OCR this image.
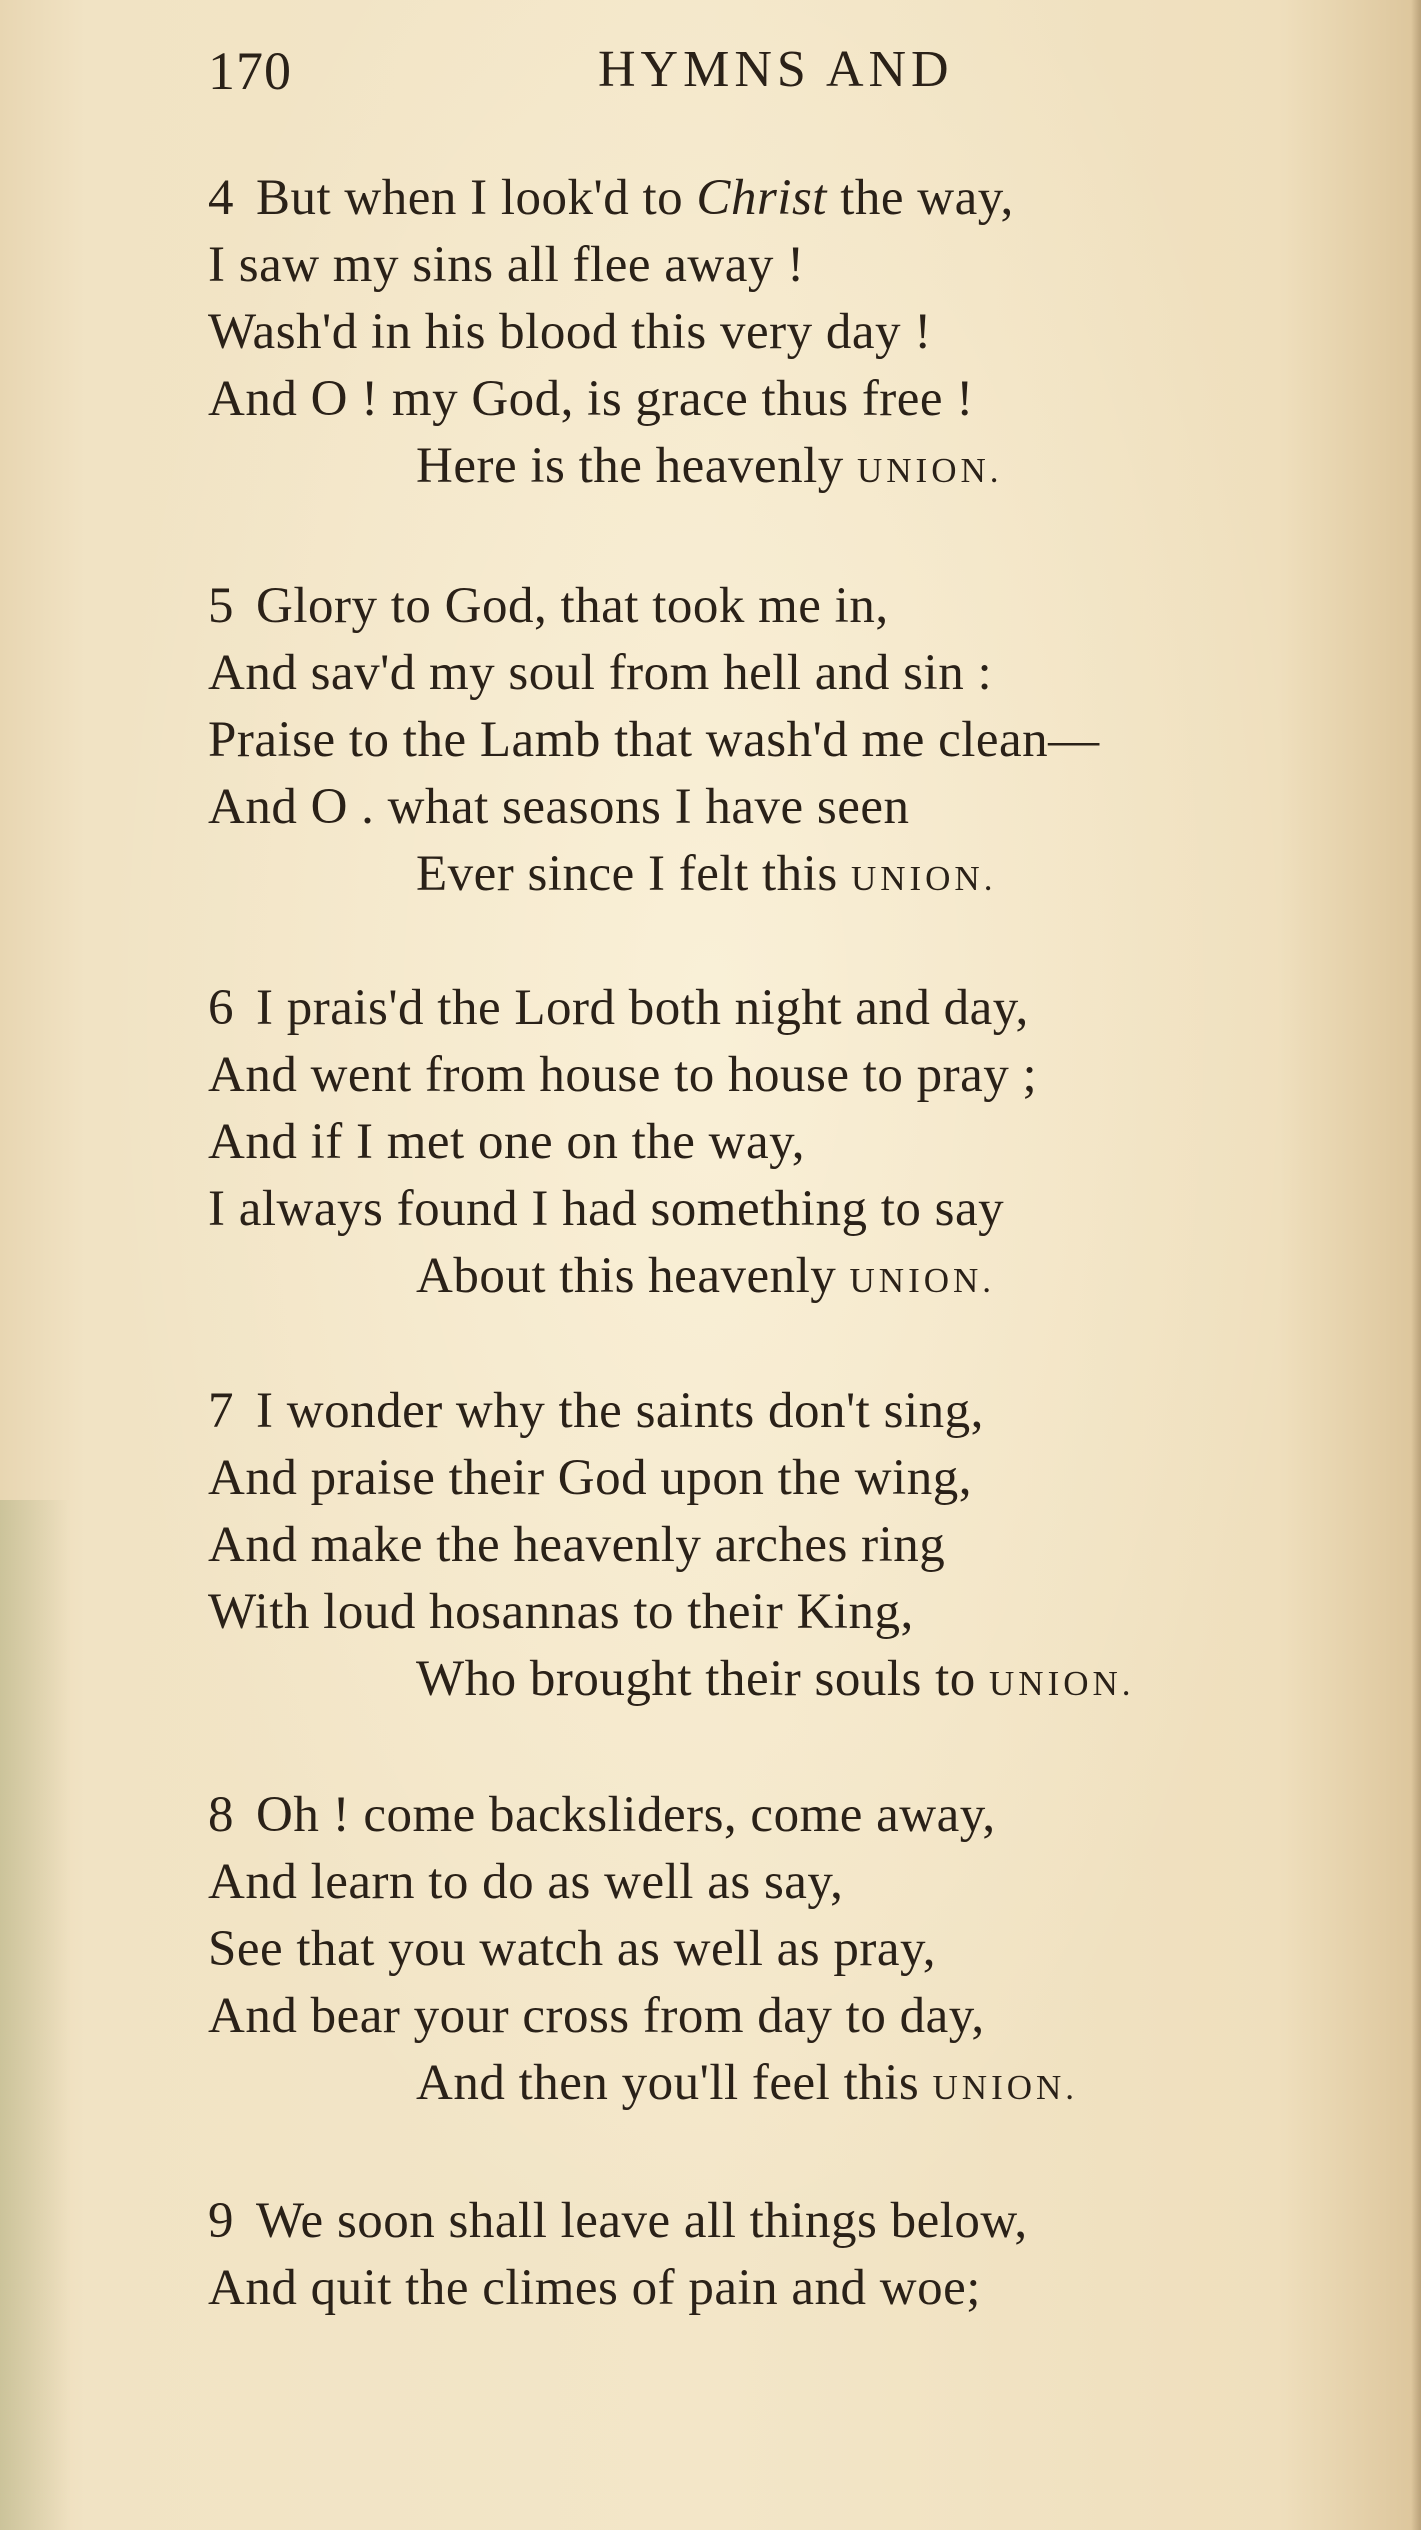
170	HYMNS AND
4 But when I look'd to Christ the way,
I saw my sins all flee away !
Wash'd in his blood this very day !
And O ! my God, is grace thus free !
Here is the heavenly UNION.
5 Glory to God, that took me in,
And sav'd my soul from hell and sin :
Praise to the Lamb that wash'd me clean—
And O . what seasons I have seen
Ever since I felt this UNION.
6 I prais'd the Lord both night and day,
And went from house to house to pray ;
And if I met one on the way,
I always found I had something to say
About this heavenly UNION.
7 I wonder why the saints don't sing,
And praise their God upon the wing,
And make the heavenly arches ring
With loud hosannas to their King,
Who brought their souls to UNION.
8 Oh ! come backsliders, come away,
And learn to do as well as say,
See that you watch as well as pray,
And bear your cross from day to day,
And then you'll feel this UNION.
9 We soon shall leave all things below,
And quit the climes of pain and woe;
